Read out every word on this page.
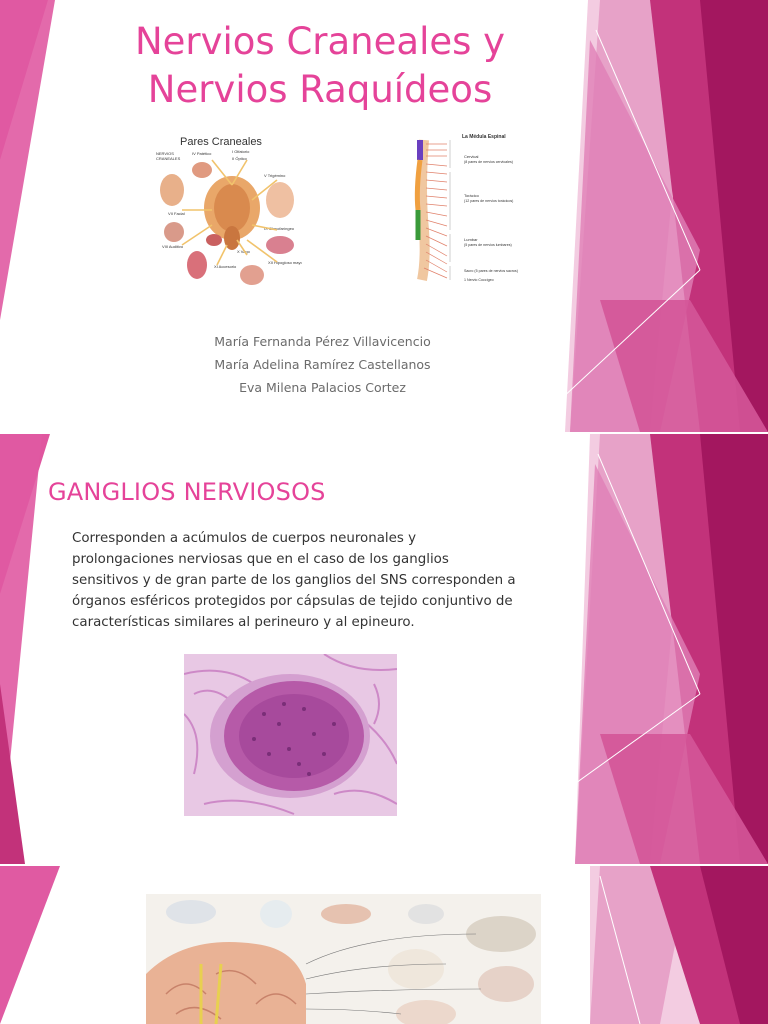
Nervios Craneales y
Nervios Raquídeos
Pares Craneales
NERVIOS
CRANEALES
IV Patético	I Olfatorio
II Óptico
V Trigémino
VII Facial
VIII Auditivo
IX Glosofaríngeo
X Vago
XI Accesorio
XII Hipogloso mayor
La Médula Espinal
Cervical
(8 pares de nervios cervicales)
Torácico
(12 pares de nervios torácicos)
Lumbar
(5 pares de nervios lumbares)
Sacro (5 pares de nervios sacros)
1 Nervio Coccígeo
María Fernanda Pérez Villavicencio
María Adelina Ramírez Castellanos
Eva Milena Palacios Cortez
GANGLIOS NERVIOSOS
Corresponden a acúmulos de cuerpos neuronales y prolongaciones nerviosas que en el caso de los ganglios sensitivos y de gran parte de los ganglios del SNS corresponden a órganos esféricos protegidos por cápsulas de tejido conjuntivo de características similares al perineuro y al epineuro.
